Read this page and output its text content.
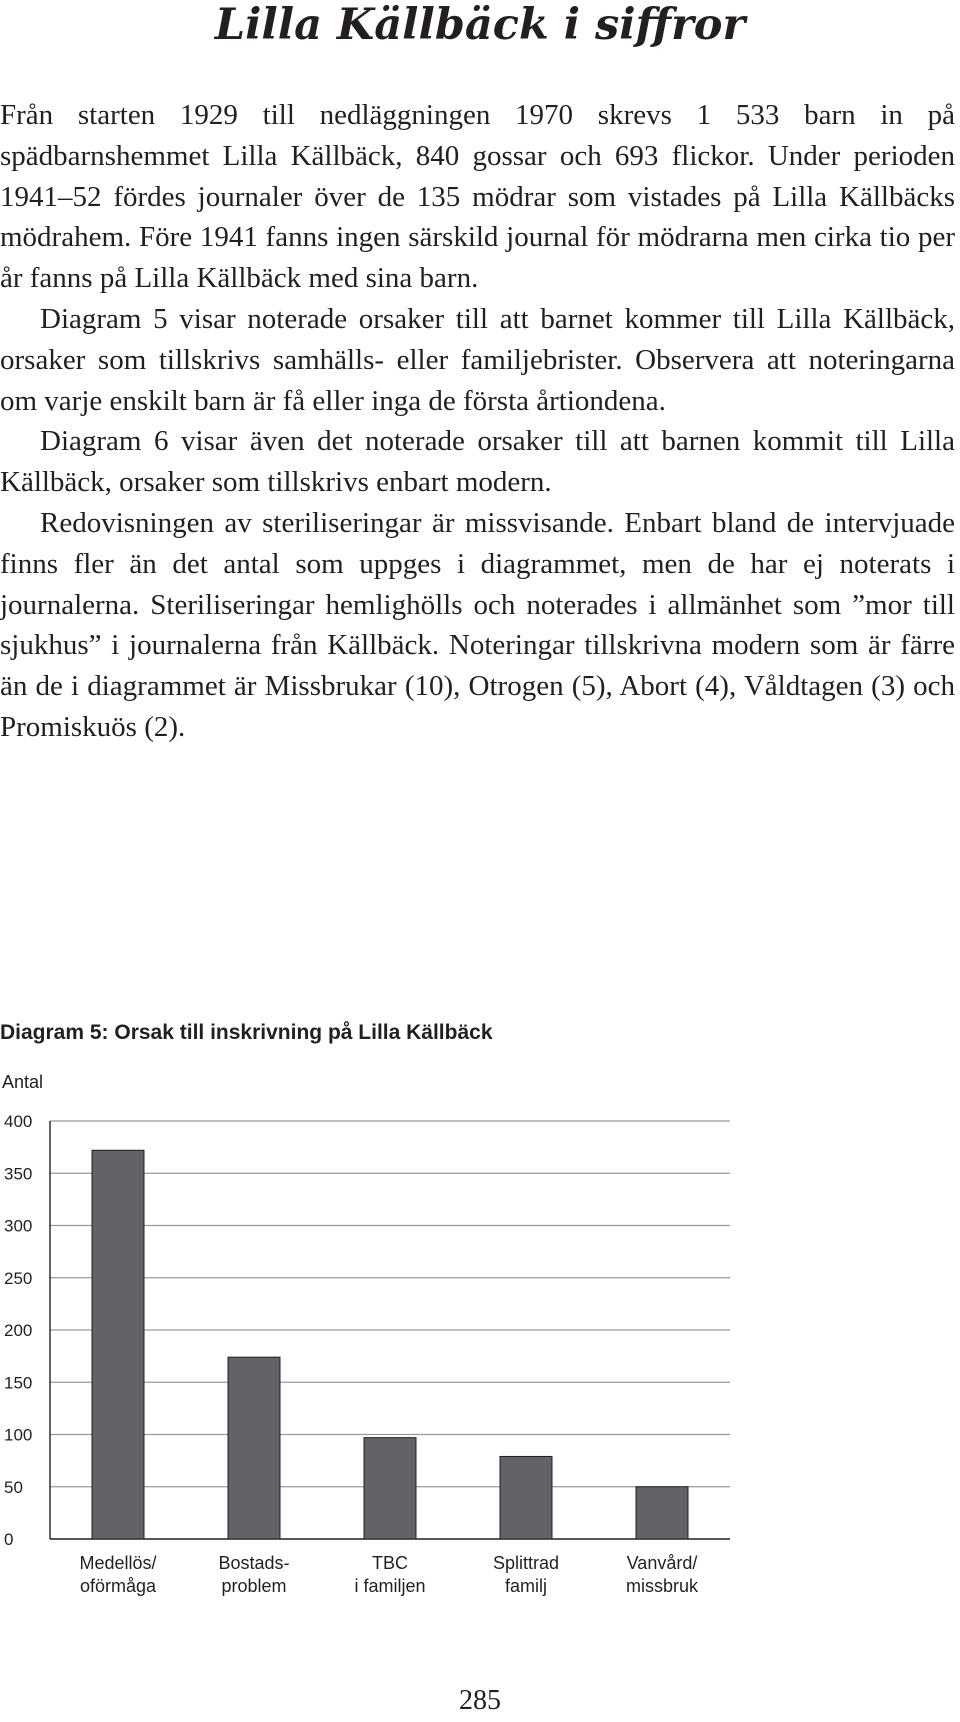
Lilla Källbäck i siffror

Från starten 1929 till nedläggningen 1970 skrevs 1 533 barn in på spädbarnshemmet Lilla Källbäck, 840 gossar och 693 flickor. Under perioden 1941–52 fördes journaler över de 135 mödrar som vistades på Lilla Källbäcks mödrahem. Före 1941 fanns ingen särskild journal för mödrarna men cirka tio per år fanns på Lilla Källbäck med sina barn.

Diagram 5 visar noterade orsaker till att barnet kommer till Lilla Källbäck, orsaker som tillskrivs samhälls- eller familjebrister. Observera att noteringarna om varje enskilt barn är få eller inga de första årtiondena.

Diagram 6 visar även det noterade orsaker till att barnen kommit till Lilla Källbäck, orsaker som tillskrivs enbart modern.

Redovisningen av steriliseringar är missvisande. Enbart bland de intervjuade finns fler än det antal som uppges i diagrammet, men de har ej noterats i journalerna. Steriliseringar hemlighölls och noterades i allmänhet som ”mor till sjukhus” i journalerna från Källbäck. Noteringar tillskrivna modern som är färre än de i diagrammet är Missbrukar (10), Otrogen (5), Abort (4), Våldtagen (3) och Promiskuös (2).

Diagram 5: Orsak till inskrivning på Lilla Källbäck
Antal
0
50
100
150
200
250
300
350
400
Medellös/
oförmåga
Bostads-
problem
TBC
i familjen
Splittrad
familj
Vanvård/
missbruk
285
